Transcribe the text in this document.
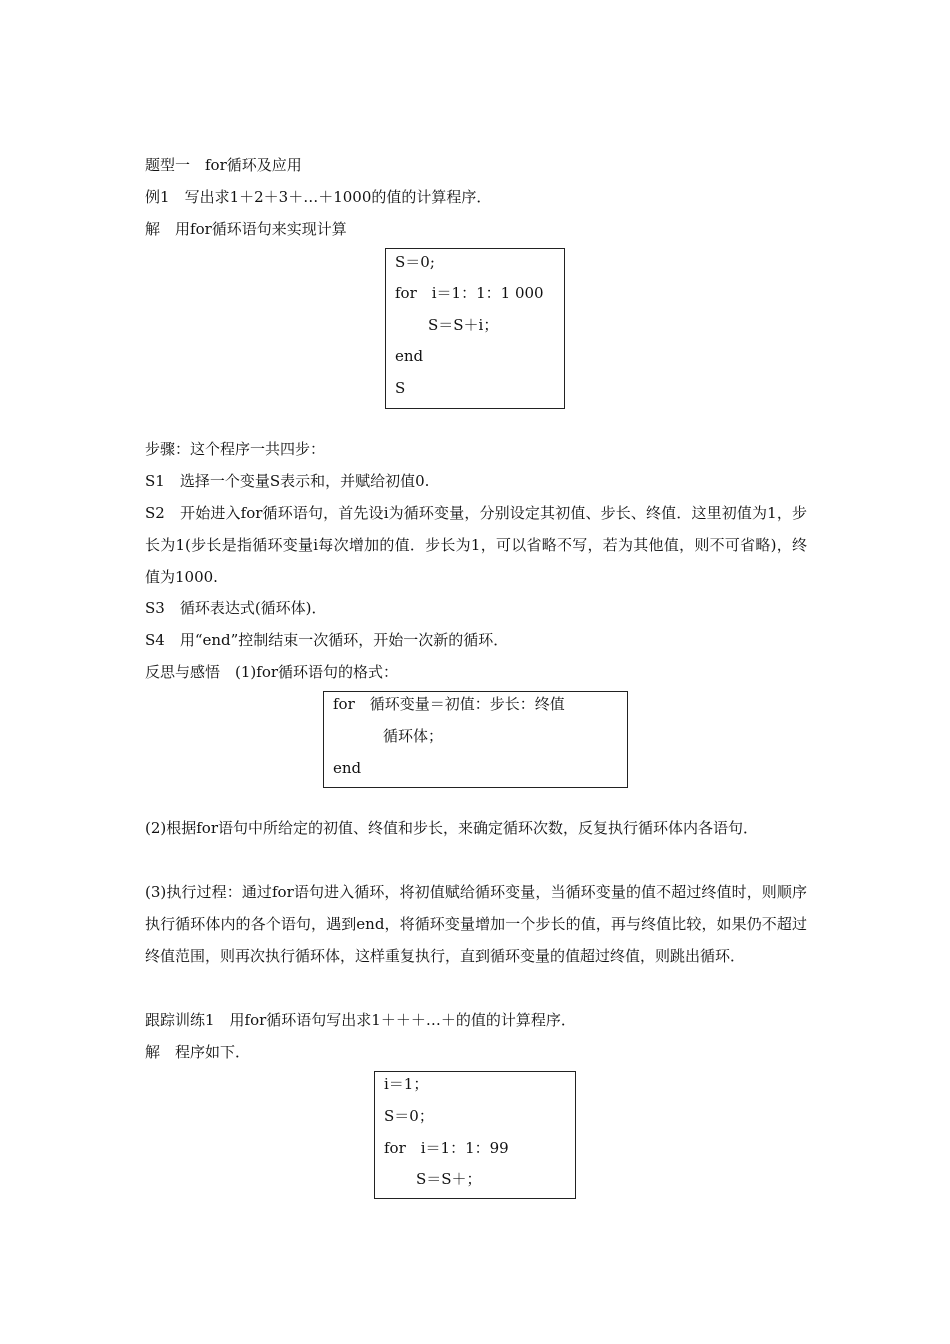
题型一　for循环及应用
例1　 写出求1＋2＋3＋…＋1000的值的计算程序．
解　 用for循环语句来实现计算
S＝0;
for　i＝1：1：1 000
S＝S＋i；
end
S
步骤：这个程序一共四步：
S1　选择一个变量S表示和，并赋给初值0.
S2　开始进入for循环语句，首先设i为循环变量，分别设定其初值、步长、终值．这里初值为1，步长为1(步长是指循环变量i每次增加的值．步长为1，可以省略不写，若为其他值，则不可省略)，终值为1000.
S3　循环表达式(循环体)．
S4　用“end”控制结束一次循环，开始一次新的循环．
反思与感悟　 (1)for循环语句的格式：
for　循环变量＝初值：步长：终值
循环体；
end
(2)根据for语句中所给定的初值、终值和步长，来确定循环次数，反复执行循环体内各语句．
(3)执行过程：通过for语句进入循环，将初值赋给循环变量，当循环变量的值不超过终值时，则顺序执行循环体内的各个语句，遇到end，将循环变量增加一个步长的值，再与终值比较，如果仍不超过终值范围，则再次执行循环体，这样重复执行，直到循环变量的值超过终值，则跳出循环．
跟踪训练1　用for循环语句写出求1＋＋＋…＋的值的计算程序．
解　程序如下．
i＝1；
S＝0；
for　i＝1：1：99
S＝S＋；
